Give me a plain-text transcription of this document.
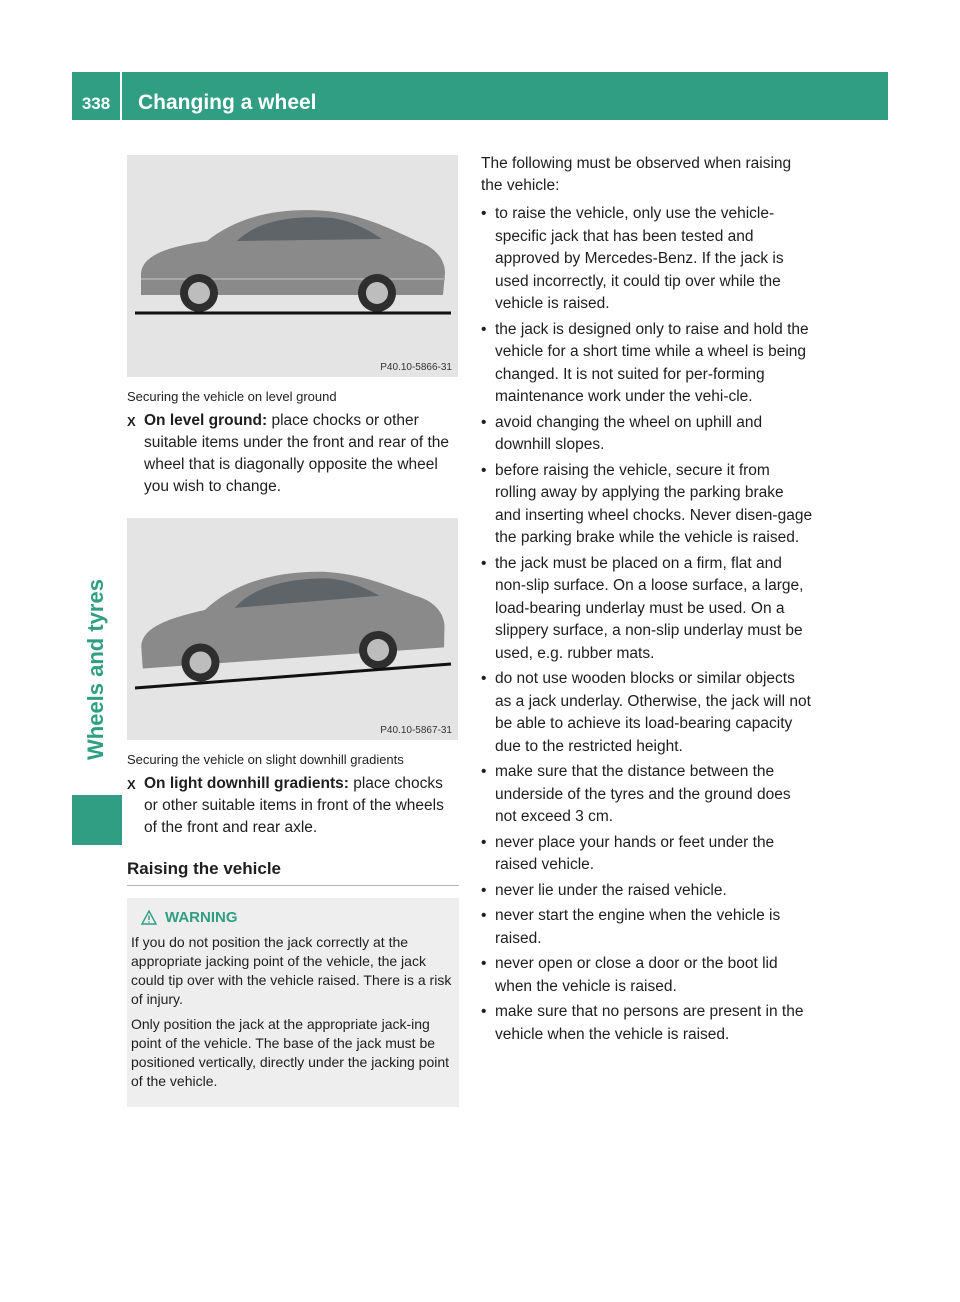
338	Changing a wheel
Wheels and tyres
P40.10-5866-31
Securing the vehicle on level ground
X On level ground: place chocks or other suitable items under the front and rear of the wheel that is diagonally opposite the wheel you wish to change.
P40.10-5867-31
Securing the vehicle on slight downhill gradients
X On light downhill gradients: place chocks or other suitable items in front of the wheels of the front and rear axle.
Raising the vehicle
WARNING

If you do not position the jack correctly at the appropriate jacking point of the vehicle, the jack could tip over with the vehicle raised. There is a risk of injury.

Only position the jack at the appropriate jack-ing point of the vehicle. The base of the jack must be positioned vertically, directly under the jacking point of the vehicle.

The following must be observed when raising the vehicle:

• to raise the vehicle, only use the vehicle-specific jack that has been tested and approved by Mercedes-Benz. If the jack is used incorrectly, it could tip over while the vehicle is raised.
• the jack is designed only to raise and hold the vehicle for a short time while a wheel is being changed. It is not suited for per-forming maintenance work under the vehi-cle.
• avoid changing the wheel on uphill and downhill slopes.
• before raising the vehicle, secure it from rolling away by applying the parking brake and inserting wheel chocks. Never disen-gage the parking brake while the vehicle is raised.
• the jack must be placed on a firm, flat and non-slip surface. On a loose surface, a large, load-bearing underlay must be used. On a slippery surface, a non-slip underlay must be used, e.g. rubber mats.
• do not use wooden blocks or similar objects as a jack underlay. Otherwise, the jack will not be able to achieve its load-bearing capacity due to the restricted height.
• make sure that the distance between the underside of the tyres and the ground does not exceed 3 cm.
• never place your hands or feet under the raised vehicle.
• never lie under the raised vehicle.
• never start the engine when the vehicle is raised.
• never open or close a door or the boot lid when the vehicle is raised.
• make sure that no persons are present in the vehicle when the vehicle is raised.
